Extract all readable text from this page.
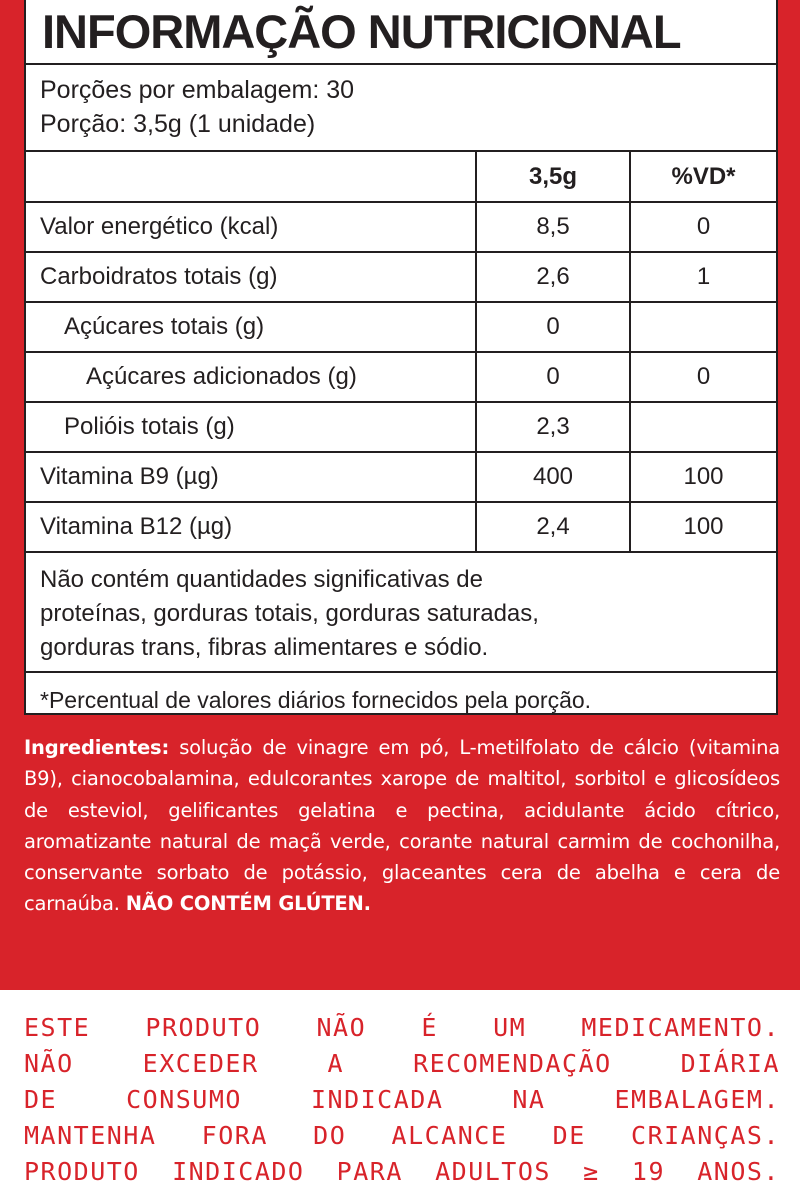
INFORMAÇÃO NUTRICIONAL
Porções por embalagem: 30
Porção: 3,5g (1 unidade)
	3,5g	%VD*
Valor energético (kcal)	8,5	0
Carboidratos totais (g)	2,6	1
Açúcares totais (g)	0	
Açúcares adicionados (g)	0	0
Polióis totais (g)	2,3	
Vitamina B9 (µg)	400	100
Vitamina B12 (µg)	2,4	100
Não contém quantidades significativas de
proteínas, gorduras totais, gorduras saturadas,
gorduras trans, fibras alimentares e sódio.
*Percentual de valores diários fornecidos pela porção.
Ingredientes: solução de vinagre em pó, L-metilfolato de cálcio (vitamina B9), cianocobalamina, edulcorantes xarope de maltitol, sorbitol e glicosídeos de esteviol, gelificantes gelatina e pectina, acidulante ácido cítrico, aromatizante natural de maçã verde, corante natural carmim de cochonilha, conservante sorbato de potássio, glaceantes cera de abelha e cera de carnaúba. NÃO CONTÉM GLÚTEN.
ESTE PRODUTO NÃO É UM MEDICAMENTO.
NÃO EXCEDER A RECOMENDAÇÃO DIÁRIA
DE CONSUMO INDICADA NA EMBALAGEM.
MANTENHA FORA DO ALCANCE DE CRIANÇAS.
PRODUTO INDICADO PARA ADULTOS ≥ 19 ANOS.
